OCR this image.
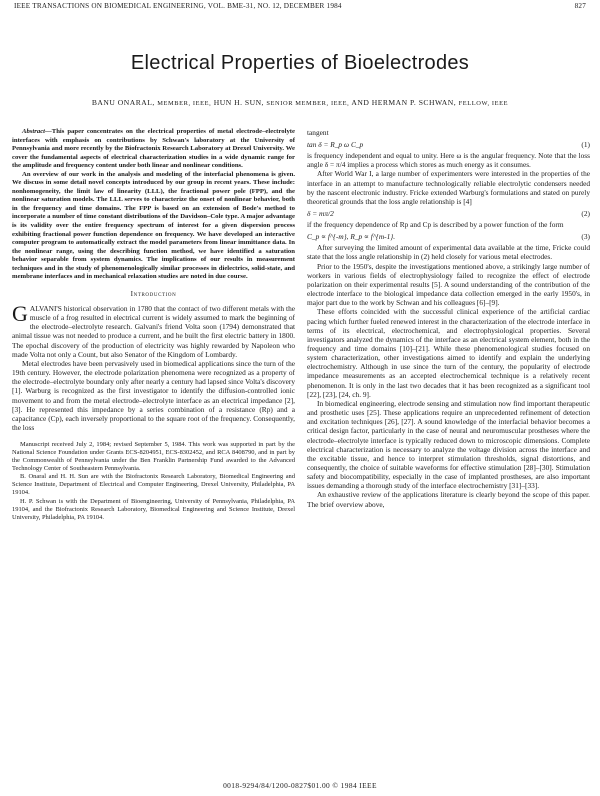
IEEE TRANSACTIONS ON BIOMEDICAL ENGINEERING, VOL. BME-31, NO. 12, DECEMBER 1984	827
Electrical Properties of Bioelectrodes
BANU ONARAL, MEMBER, IEEE, HUN H. SUN, SENIOR MEMBER, IEEE, AND HERMAN P. SCHWAN, FELLOW, IEEE

Abstract—This paper concentrates on the electrical properties of metal electrode–electrolyte interfaces with emphasis on contributions by Schwan's laboratory at the University of Pennsylvania and more recently by the Biofractonix Research Laboratory at Drexel University. We cover the fundamental aspects of electrical characterization studies in a wide dynamic range for the amplitude and frequency content under both linear and nonlinear conditions.

An overview of our work in the analysis and modeling of the interfacial phenomena is given. We discuss in some detail novel concepts introduced by our group in recent years. These include: nonhomogeneity, the limit law of linearity (LLL), the fractional power pole (FPP), and the nonlinear saturation models. The LLL serves to characterize the onset of nonlinear behavior, both in the frequency and time domains. The FPP is based on an extension of Bode's method to incorporate a number of time constant distributions of the Davidson–Cole type. A major advantage is its validity over the entire frequency spectrum of interest for a given dispersion process exhibiting fractional power function dependence on frequency. We have developed an interactive computer program to automatically extract the model parameters from linear immittance data. In the nonlinear range, using the describing function method, we have identified a saturation behavior separable from system dynamics. The implications of our results in measurement techniques and in the study of phenomenologically similar processes in dielectrics, solid-state, and membrane interfaces and in mechanical relaxation studies are noted in due course.

Introduction

GALVANI'S historical observation in 1780 that the contact of two different metals with the muscle of a frog resulted in electrical current is widely assumed to mark the beginning of the electrode–electrolyte research. Galvani's friend Volta soon (1794) demonstrated that animal tissue was not needed to produce a current, and he built the first electric battery in 1800. The epochal discovery of the production of electricity was highly rewarded by Napoleon who made Volta not only a Count, but also Senator of the Kingdom of Lombardy.

Metal electrodes have been pervasively used in biomedical applications since the turn of the 19th century. However, the electrode polarization phenomena were recognized as a property of the electrode–electrolyte boundary only after nearly a century had lapsed since Volta's discovery [1]. Warburg is recognized as the first investigator to identify the diffusion-controlled ionic movement to and from the metal electrode–electrolyte interface as an electrical impedance [2], [3]. He represented this impedance by a series combination of a resistance (Rp) and a capacitance (Cp), each inversely proportional to the square root of the frequency. Consequently, the loss

Manuscript received July 2, 1984; revised September 5, 1984. This work was supported in part by the National Science Foundation under Grants ECS-8204951, ECS-8302452, and RCA 8408790, and in part by the Commonwealth of Pennsylvania under the Ben Franklin Partnership Fund awarded to the Advanced Technology Center of Southeastern Pennsylvania.

B. Onaral and H. H. Sun are with the Biofractonix Research Laboratory, Biomedical Engineering and Science Institute, Department of Electrical and Computer Engineering, Drexel University, Philadelphia, PA 19104.

H. P. Schwan is with the Department of Bioengineering, University of Pennsylvania, Philadelphia, PA 19104, and the Biofractonix Research Laboratory, Biomedical Engineering and Science Institute, Drexel University, Philadelphia, PA 19104.

tangent

tan δ = R_p ω C_p	(1)

is frequency independent and equal to unity. Here ω is the angular frequency. Note that the loss angle δ = π/4 implies a process which stores as much energy as it consumes.

After World War I, a large number of experimenters were interested in the properties of the interface in an attempt to manufacture technologically reliable electrolytic condensers needed by the nascent electronic industry. Fricke extended Warburg's formulations and stated on purely theoretical grounds that the loss angle relationship is [4]

δ = mπ/2	(2)

if the frequency dependence of Rp and Cp is described by a power function of the form

C_p ∝ f^{-m}, R_p ∝ f^{m-1}.	(3)

After surveying the limited amount of experimental data available at the time, Fricke could state that the loss angle relationship in (2) held closely for various metal electrodes.

Prior to the 1950's, despite the investigations mentioned above, a strikingly large number of workers in various fields of electrophysiology failed to recognize the effect of electrode polarization on their experimental results [5]. A sound understanding of the contribution of the electrode interface to the biological impedance data collection emerged in the early 1950's, in major part due to the work by Schwan and his colleagues [6]–[9].

These efforts coincided with the successful clinical experience of the artificial cardiac pacing which further fueled renewed interest in the characterization of the electrode interface in terms of its electrical, electrochemical, and electrophysiological properties. Several investigators analyzed the dynamics of the interface as an electrical system element, both in the frequency and time domains [10]–[21]. While these phenomenological studies focused on system characterization, other investigations aimed to identify and explain the underlying electrochemistry. Although in use since the turn of the century, the popularity of electrode impedance measurements as an accepted electrochemical technique is a relatively recent phenomenon. It is only in the last two decades that it has been recognized as a significant tool [22], [23], [24, ch. 9].

In biomedical engineering, electrode sensing and stimulation now find important therapeutic and prosthetic uses [25]. These applications require an unprecedented refinement of detection and excitation techniques [26], [27]. A sound knowledge of the interfacial behavior becomes a critical design factor, particularly in the case of neural and neuromuscular prostheses where the electrode–electrolyte interface is typically reduced down to microscopic dimensions. Complete electrical characterization is necessary to analyze the voltage division across the interface and the excitable tissue, and hence to interpret stimulation thresholds, signal distortions, and consequently, the choice of suitable waveforms for effective stimulation [28]–[30]. Stimulation safety and biocompatibility, especially in the case of implanted prostheses, are also important issues demanding a thorough study of the interface electrochemistry [31]–[33].

An exhaustive review of the applications literature is clearly beyond the scope of this paper. The brief overview above,

0018-9294/84/1200-0827$01.00 © 1984 IEEE
